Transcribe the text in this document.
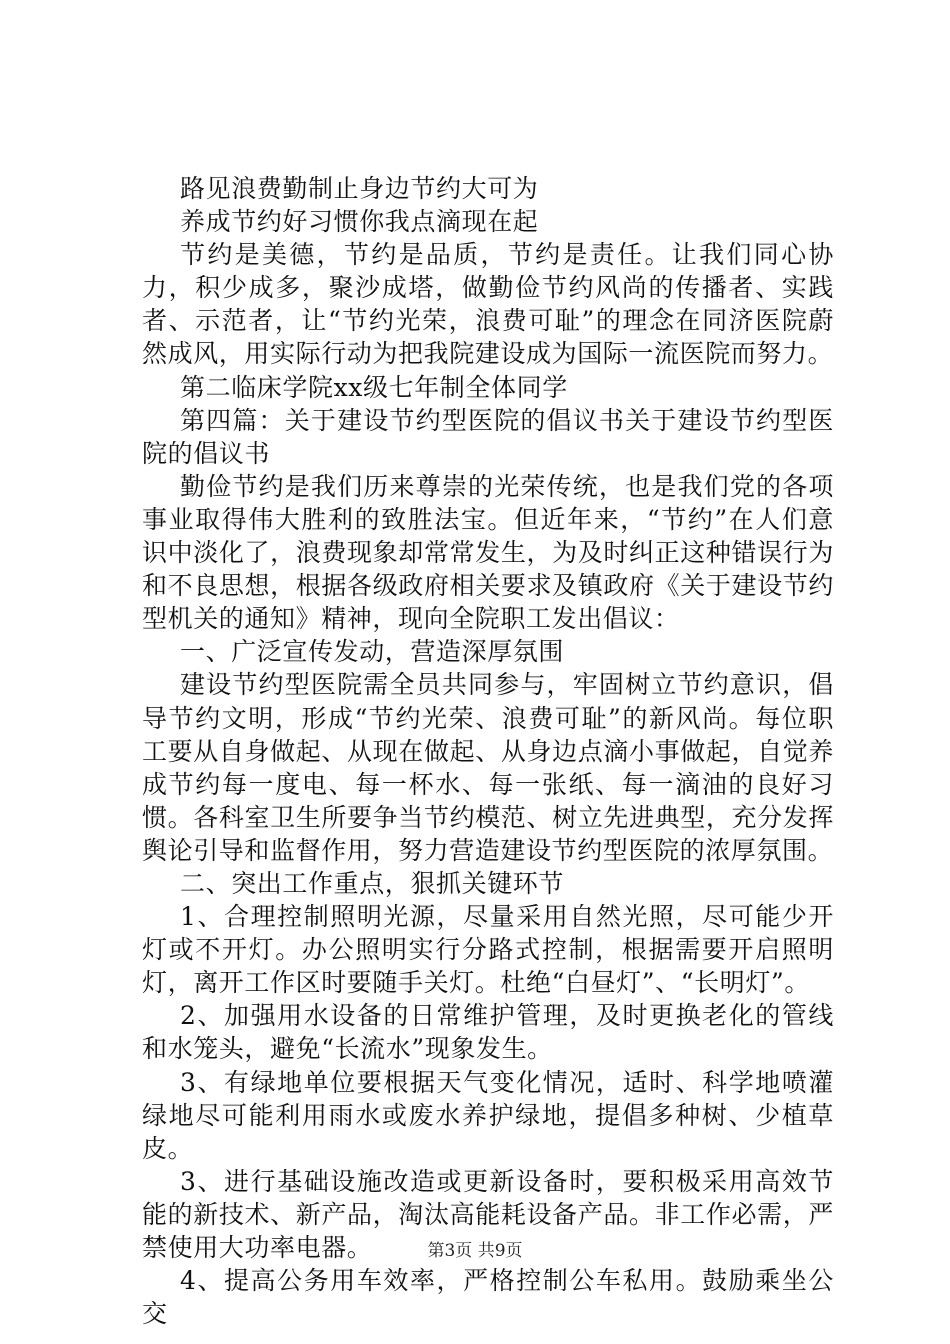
路见浪费勤制止身边节约大可为

养成节约好习惯你我点滴现在起

节约是美德，节约是品质，节约是责任。让我们同心协力，积少成多，聚沙成塔，做勤俭节约风尚的传播者、实践者、示范者，让“节约光荣，浪费可耻”的理念在同济医院蔚然成风，用实际行动为把我院建设成为国际一流医院而努力。

第二临床学院xx级七年制全体同学

第四篇：关于建设节约型医院的倡议书关于建设节约型医院的倡议书

勤俭节约是我们历来尊崇的光荣传统，也是我们党的各项事业取得伟大胜利的致胜法宝。但近年来，“节约”在人们意识中淡化了，浪费现象却常常发生，为及时纠正这种错误行为和不良思想，根据各级政府相关要求及镇政府《关于建设节约型机关的通知》精神，现向全院职工发出倡议：

一、广泛宣传发动，营造深厚氛围

建设节约型医院需全员共同参与，牢固树立节约意识，倡导节约文明，形成“节约光荣、浪费可耻”的新风尚。每位职工要从自身做起、从现在做起、从身边点滴小事做起，自觉养成节约每一度电、每一杯水、每一张纸、每一滴油的良好习惯。各科室卫生所要争当节约模范、树立先进典型，充分发挥舆论引导和监督作用，努力营造建设节约型医院的浓厚氛围。

二、突出工作重点，狠抓关键环节

1、合理控制照明光源，尽量采用自然光照，尽可能少开灯或不开灯。办公照明实行分路式控制，根据需要开启照明灯，离开工作区时要随手关灯。杜绝“白昼灯”、“长明灯”。

2、加强用水设备的日常维护管理，及时更换老化的管线和水笼头，避免“长流水”现象发生。

3、有绿地单位要根据天气变化情况，适时、科学地喷灌绿地尽可能利用雨水或废水养护绿地，提倡多种树、少植草皮。

3、进行基础设施改造或更新设备时，要积极采用高效节能的新技术、新产品，淘汰高能耗设备产品。非工作必需，严禁使用大功率电器。

4、提高公务用车效率，严格控制公车私用。鼓励乘坐公交

第3页 共9页
